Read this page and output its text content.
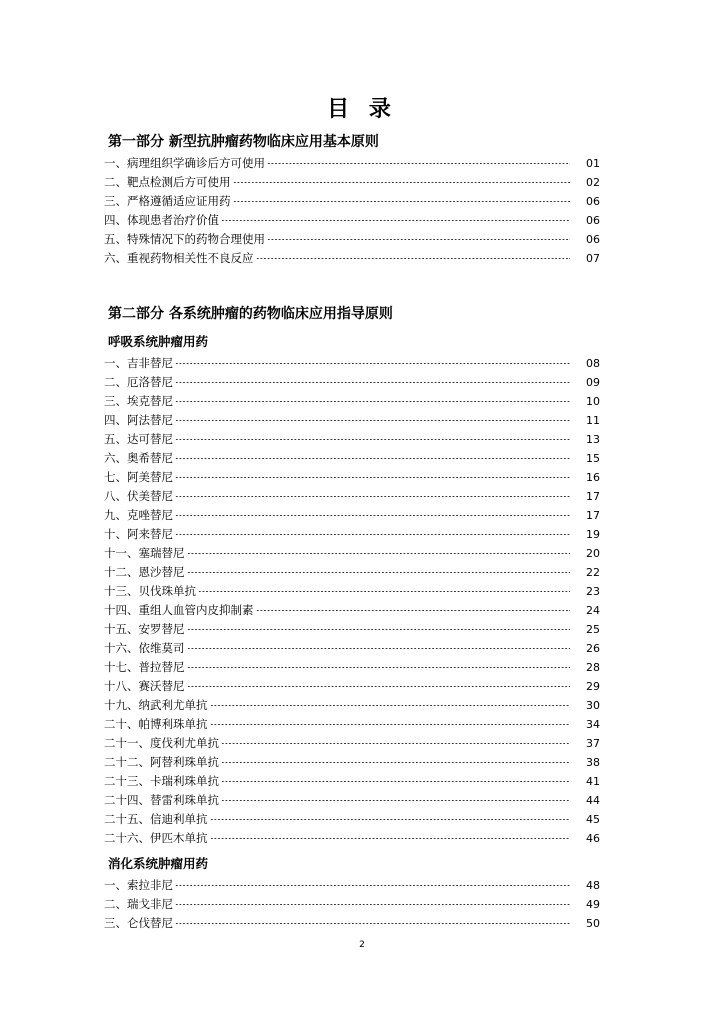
目 录
第一部分 新型抗肿瘤药物临床应用基本原则
一、病理组织学确诊后方可使用	01
二、靶点检测后方可使用	02
三、严格遵循适应证用药	06
四、体现患者治疗价值	06
五、特殊情况下的药物合理使用	06
六、重视药物相关性不良反应	07
第二部分 各系统肿瘤的药物临床应用指导原则
呼吸系统肿瘤用药
一、吉非替尼	08
二、厄洛替尼	09
三、埃克替尼	10
四、阿法替尼	11
五、达可替尼	13
六、奥希替尼	15
七、阿美替尼	16
八、伏美替尼	17
九、克唑替尼	17
十、阿来替尼	19
十一、塞瑞替尼	20
十二、恩沙替尼	22
十三、贝伐珠单抗	23
十四、重组人血管内皮抑制素	24
十五、安罗替尼	25
十六、依维莫司	26
十七、普拉替尼	28
十八、赛沃替尼	29
十九、纳武利尤单抗	30
二十、帕博利珠单抗	34
二十一、度伐利尤单抗	37
二十二、阿替利珠单抗	38
二十三、卡瑞利珠单抗	41
二十四、替雷利珠单抗	44
二十五、信迪利单抗	45
二十六、伊匹木单抗	46
消化系统肿瘤用药
一、索拉非尼	48
二、瑞戈非尼	49
三、仑伐替尼	50
2
